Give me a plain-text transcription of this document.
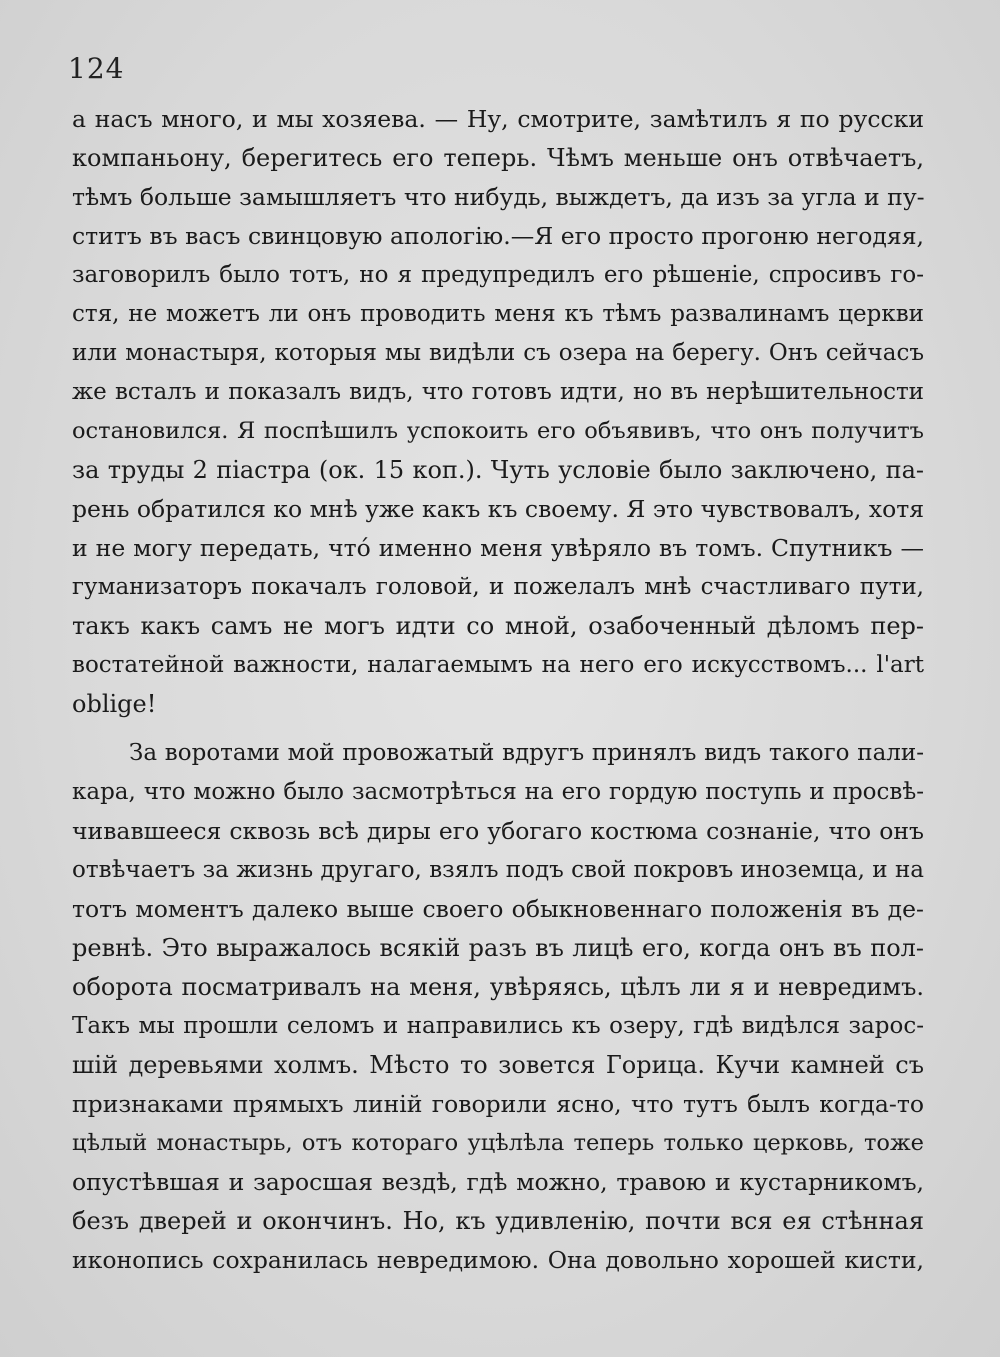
124
а насъ много, и мы хозяева. — Ну, смотрите, замѣтилъ я по русски
компаньону, берегитесь его теперь. Чѣмъ меньше онъ отвѣчаетъ,
тѣмъ больше замышляетъ что нибудь, выждетъ, да изъ за угла и пу-
ститъ въ васъ свинцовую апологію.—Я его просто прогоню негодяя,
заговорилъ было тотъ, но я предупредилъ его рѣшеніе, спросивъ го-
стя, не можетъ ли онъ проводить меня къ тѣмъ развалинамъ церкви
или монастыря, которыя мы видѣли съ озера на берегу. Онъ сейчасъ
же всталъ и показалъ видъ, что готовъ идти, но въ нерѣшительности
остановился. Я поспѣшилъ успокоить его объявивъ, что онъ получитъ
за труды 2 піастра (ок. 15 коп.). Чуть условіе было заключено, па-
рень обратился ко мнѣ уже какъ къ своему. Я это чувствовалъ, хотя
и не могу передать, что́ именно меня увѣряло въ томъ. Спутникъ —
гуманизаторъ покачалъ головой, и пожелалъ мнѣ счастливаго пути,
такъ какъ самъ не могъ идти со мной, озабоченный дѣломъ пер-
востатейной важности, налагаемымъ на него его искусствомъ... l'art
oblige!
За воротами мой провожатый вдругъ принялъ видъ такого пали-
кара, что можно было засмотрѣться на его гордую поступь и просвѣ-
чивавшееся сквозь всѣ диры его убогаго костюма сознаніе, что онъ
отвѣчаетъ за жизнь другаго, взялъ подъ свой покровъ иноземца, и на
тотъ моментъ далеко выше своего обыкновеннаго положенія въ де-
ревнѣ. Это выражалось всякій разъ въ лицѣ его, когда онъ въ пол-
оборота посматривалъ на меня, увѣряясь, цѣлъ ли я и невредимъ.
Такъ мы прошли селомъ и направились къ озеру, гдѣ видѣлся зарос-
шій деревьями холмъ. Мѣсто то зовется Горица. Кучи камней съ
признаками прямыхъ линій говорили ясно, что тутъ былъ когда-то
цѣлый монастырь, отъ котораго уцѣлѣла теперь только церковь, тоже
опустѣвшая и заросшая вездѣ, гдѣ можно, травою и кустарникомъ,
безъ дверей и окончинъ. Но, къ удивленію, почти вся ея стѣнная
иконопись сохранилась невредимою. Она довольно хорошей кисти,
